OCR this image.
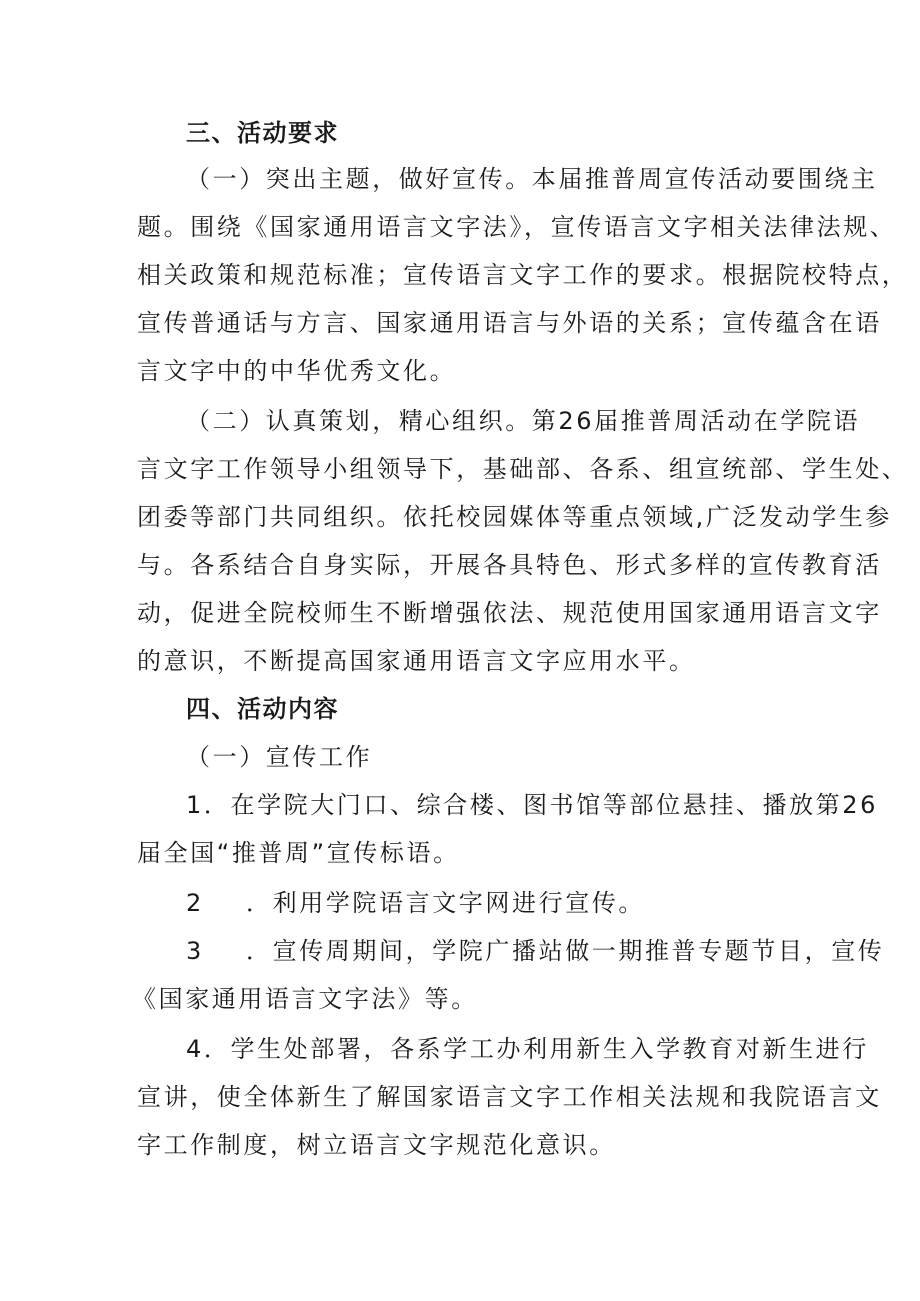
三、活动要求
（一）突出主题，做好宣传。本届推普周宣传活动要围绕主
题。围绕《国家通用语言文字法》，宣传语言文字相关法律法规、
相关政策和规范标准；宣传语言文字工作的要求。根据院校特点，
宣传普通话与方言、国家通用语言与外语的关系；宣传蕴含在语
言文字中的中华优秀文化。
（二）认真策划，精心组织。第26届推普周活动在学院语
言文字工作领导小组领导下，基础部、各系、组宣统部、学生处、
团委等部门共同组织。依托校园媒体等重点领域,广泛发动学生参
与。各系结合自身实际，开展各具特色、形式多样的宣传教育活
动，促进全院校师生不断增强依法、规范使用国家通用语言文字
的意识，不断提高国家通用语言文字应用水平。
四、活动内容
（一）宣传工作
1．在学院大门口、综合楼、图书馆等部位悬挂、播放第26
届全国“推普周”宣传标语。
2 ．利用学院语言文字网进行宣传。
3 ．宣传周期间，学院广播站做一期推普专题节目，宣传
《国家通用语言文字法》等。
4．学生处部署，各系学工办利用新生入学教育对新生进行
宣讲，使全体新生了解国家语言文字工作相关法规和我院语言文
字工作制度，树立语言文字规范化意识。
